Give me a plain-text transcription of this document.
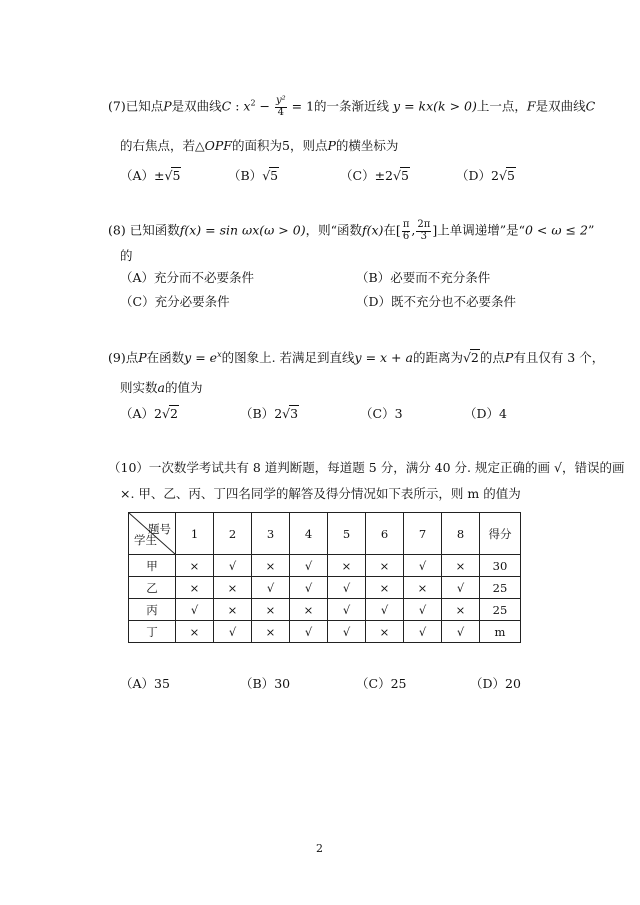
(7)已知点P是双曲线C : $x^2 - \frac{\text{y²}}{4} = 1$的一条渐近线 y = kx(k > 0)上一点，F是双曲线C
的右焦点，若△OPF的面积为5，则点P的横坐标为
（A）±√5	（B）√5	（C）±2√5	（D）2√5
(8) 已知函数f(x) = sin ωx(ω > 0)，则“函数f(x)在[ $\frac{\pi}{6}$ , $\frac{2\pi}{3}$ ]上单调递增”是“0 < ω ≤ 2”
的
（A）充分而不必要条件	（B）必要而不充分条件
（C）充分必要条件	（D）既不充分也不必要条件
(9)点P在函数$y = e^x$的图象上. 若满足到直线y = x + a的距离为√2的点P有且仅有 3 个，
则实数a的值为
（A）2√2	（B）2√3	（C）3	（D）4
（10）一次数学考试共有 8 道判断题，每道题 5 分，满分 40 分. 规定正确的画 √，错误的画
×. 甲、乙、丙、丁四名同学的解答及得分情况如下表所示，则 m 的值为
题号
学生	1	2	3	4	5	6	7	8	得分
甲	×	√	×	√	×	×	√	×	30
乙	×	×	√	√	√	×	×	√	25
丙	√	×	×	×	√	√	√	×	25
丁	×	√	×	√	√	×	√	√	m
（A）35	（B）30	（C）25	（D）20
2
